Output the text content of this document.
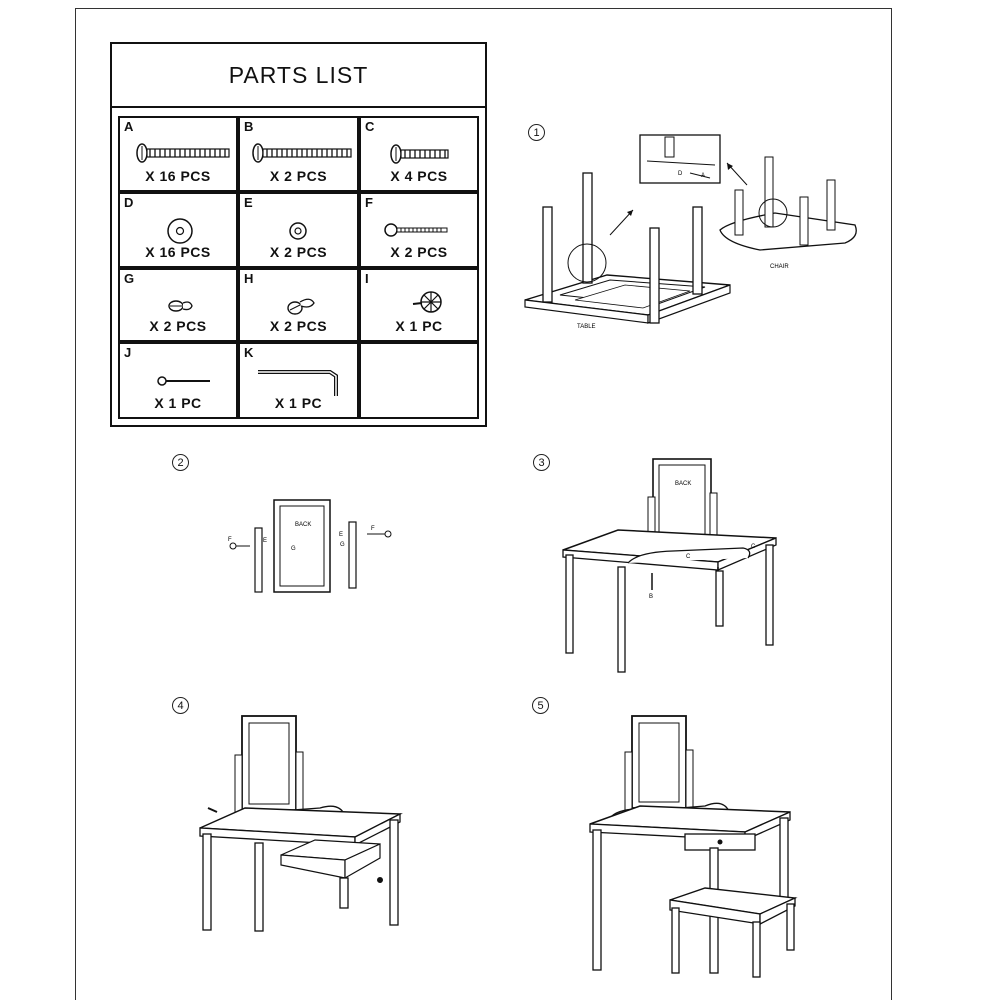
PARTS LIST
A
X 16 PCS
B
X 2 PCS
C
X 4 PCS
D
X 16 PCS
E
X 2 PCS
F
X 2 PCS
G
X 2 PCS
H
X 2 PCS
I
X 1 PC
J
X 1 PC
K
X 1 PC
1
TABLE
D
CHAIR
2
BACK
F	E
G
F
E
G
3
BACK
C
C
B
4	5
